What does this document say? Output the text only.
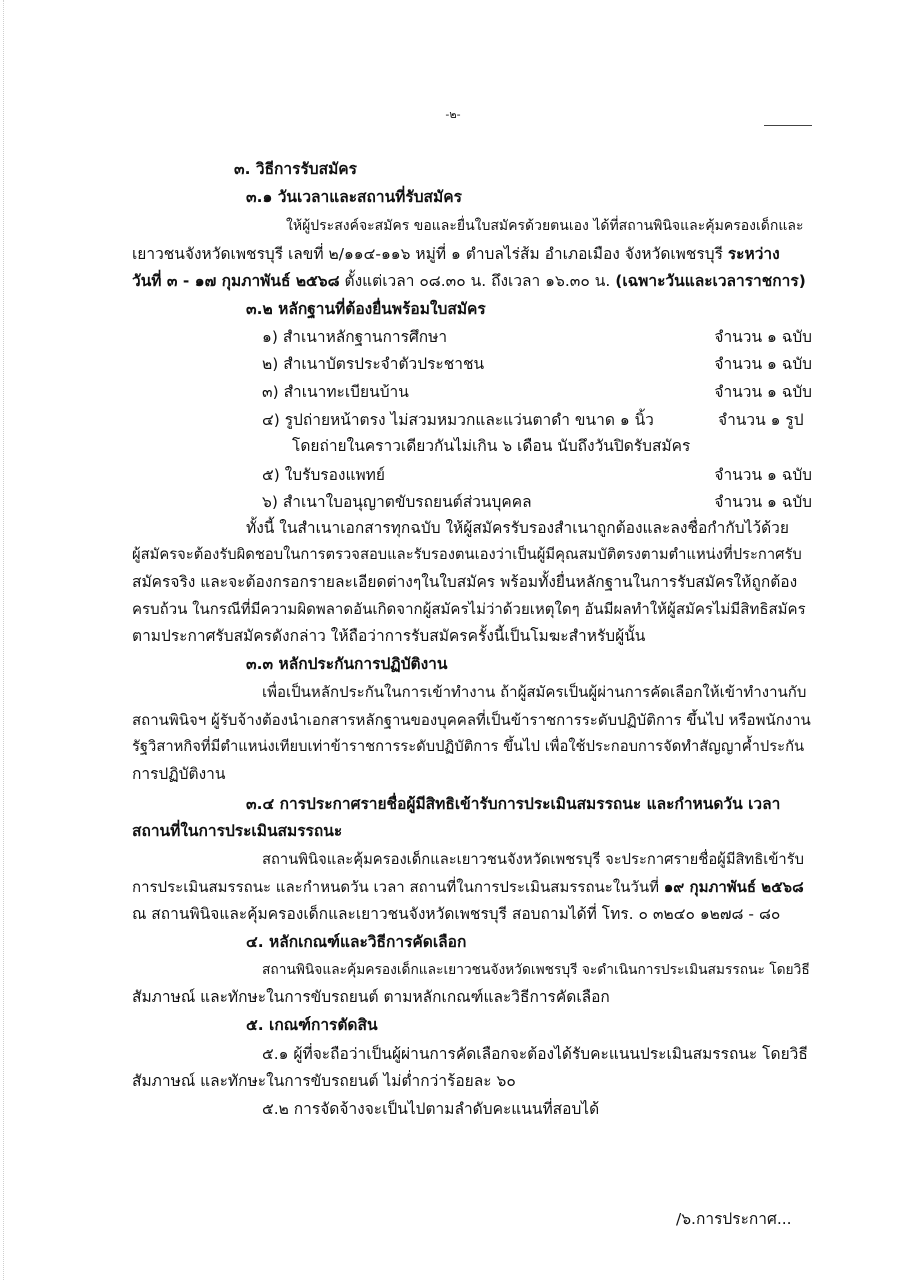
-๒-
๓. วิธีการรับสมัคร
๓.๑ วันเวลาและสถานที่รับสมัคร
ให้ผู้ประสงค์จะสมัคร ขอและยื่นใบสมัครด้วยตนเอง ได้ที่สถานพินิจและคุ้มครองเด็กและ
เยาวชนจังหวัดเพชรบุรี เลขที่ ๒/๑๑๔-๑๑๖ หมู่ที่ ๑ ตำบลไร่ส้ม อำเภอเมือง จังหวัดเพชรบุรี ระหว่าง
วันที่ ๓ - ๑๗ กุมภาพันธ์ ๒๕๖๘ ตั้งแต่เวลา ๐๘.๓๐ น. ถึงเวลา ๑๖.๓๐ น. (เฉพาะวันและเวลาราชการ)
๓.๒ หลักฐานที่ต้องยื่นพร้อมใบสมัคร
๑) สำเนาหลักฐานการศึกษา	จำนวน ๑ ฉบับ
๒) สำเนาบัตรประจำตัวประชาชน	จำนวน ๑ ฉบับ
๓) สำเนาทะเบียนบ้าน	จำนวน ๑ ฉบับ
๔) รูปถ่ายหน้าตรง ไม่สวมหมวกและแว่นตาดำ ขนาด ๑ นิ้ว	จำนวน ๑ รูป
โดยถ่ายในคราวเดียวกันไม่เกิน ๖ เดือน นับถึงวันปิดรับสมัคร
๕) ใบรับรองแพทย์	จำนวน ๑ ฉบับ
๖) สำเนาใบอนุญาตขับรถยนต์ส่วนบุคคล	จำนวน ๑ ฉบับ
ทั้งนี้ ในสำเนาเอกสารทุกฉบับ ให้ผู้สมัครรับรองสำเนาถูกต้องและลงชื่อกำกับไว้ด้วย
ผู้สมัครจะต้องรับผิดชอบในการตรวจสอบและรับรองตนเองว่าเป็นผู้มีคุณสมบัติตรงตามตำแหน่งที่ประกาศรับ
สมัครจริง และจะต้องกรอกรายละเอียดต่างๆในใบสมัคร พร้อมทั้งยื่นหลักฐานในการรับสมัครให้ถูกต้อง
ครบถ้วน ในกรณีที่มีความผิดพลาดอันเกิดจากผู้สมัครไม่ว่าด้วยเหตุใดๆ อันมีผลทำให้ผู้สมัครไม่มีสิทธิสมัคร
ตามประกาศรับสมัครดังกล่าว ให้ถือว่าการรับสมัครครั้งนี้เป็นโมฆะสำหรับผู้นั้น
๓.๓ หลักประกันการปฏิบัติงาน
เพื่อเป็นหลักประกันในการเข้าทำงาน ถ้าผู้สมัครเป็นผู้ผ่านการคัดเลือกให้เข้าทำงานกับ
สถานพินิจฯ ผู้รับจ้างต้องนำเอกสารหลักฐานของบุคคลที่เป็นข้าราชการระดับปฏิบัติการ ขึ้นไป หรือพนักงาน
รัฐวิสาหกิจที่มีตำแหน่งเทียบเท่าข้าราชการระดับปฏิบัติการ ขึ้นไป เพื่อใช้ประกอบการจัดทำสัญญาค้ำประกัน
การปฏิบัติงาน
๓.๔ การประกาศรายชื่อผู้มีสิทธิเข้ารับการประเมินสมรรถนะ และกำหนดวัน เวลา
สถานที่ในการประเมินสมรรถนะ
สถานพินิจและคุ้มครองเด็กและเยาวชนจังหวัดเพชรบุรี จะประกาศรายชื่อผู้มีสิทธิเข้ารับ
การประเมินสมรรถนะ และกำหนดวัน เวลา สถานที่ในการประเมินสมรรถนะในวันที่ ๑๙ กุมภาพันธ์ ๒๕๖๘
ณ สถานพินิจและคุ้มครองเด็กและเยาวชนจังหวัดเพชรบุรี สอบถามได้ที่ โทร. ๐ ๓๒๔๐ ๑๒๗๘ - ๘๐
๔. หลักเกณฑ์และวิธีการคัดเลือก
สถานพินิจและคุ้มครองเด็กและเยาวชนจังหวัดเพชรบุรี จะดำเนินการประเมินสมรรถนะ โดยวิธี
สัมภาษณ์ และทักษะในการขับรถยนต์ ตามหลักเกณฑ์และวิธีการคัดเลือก
๕. เกณฑ์การตัดสิน
๕.๑ ผู้ที่จะถือว่าเป็นผู้ผ่านการคัดเลือกจะต้องได้รับคะแนนประเมินสมรรถนะ โดยวิธี
สัมภาษณ์ และทักษะในการขับรถยนต์ ไม่ต่ำกว่าร้อยละ ๖๐
๕.๒ การจัดจ้างจะเป็นไปตามลำดับคะแนนที่สอบได้
/๖.การประกาศ...
